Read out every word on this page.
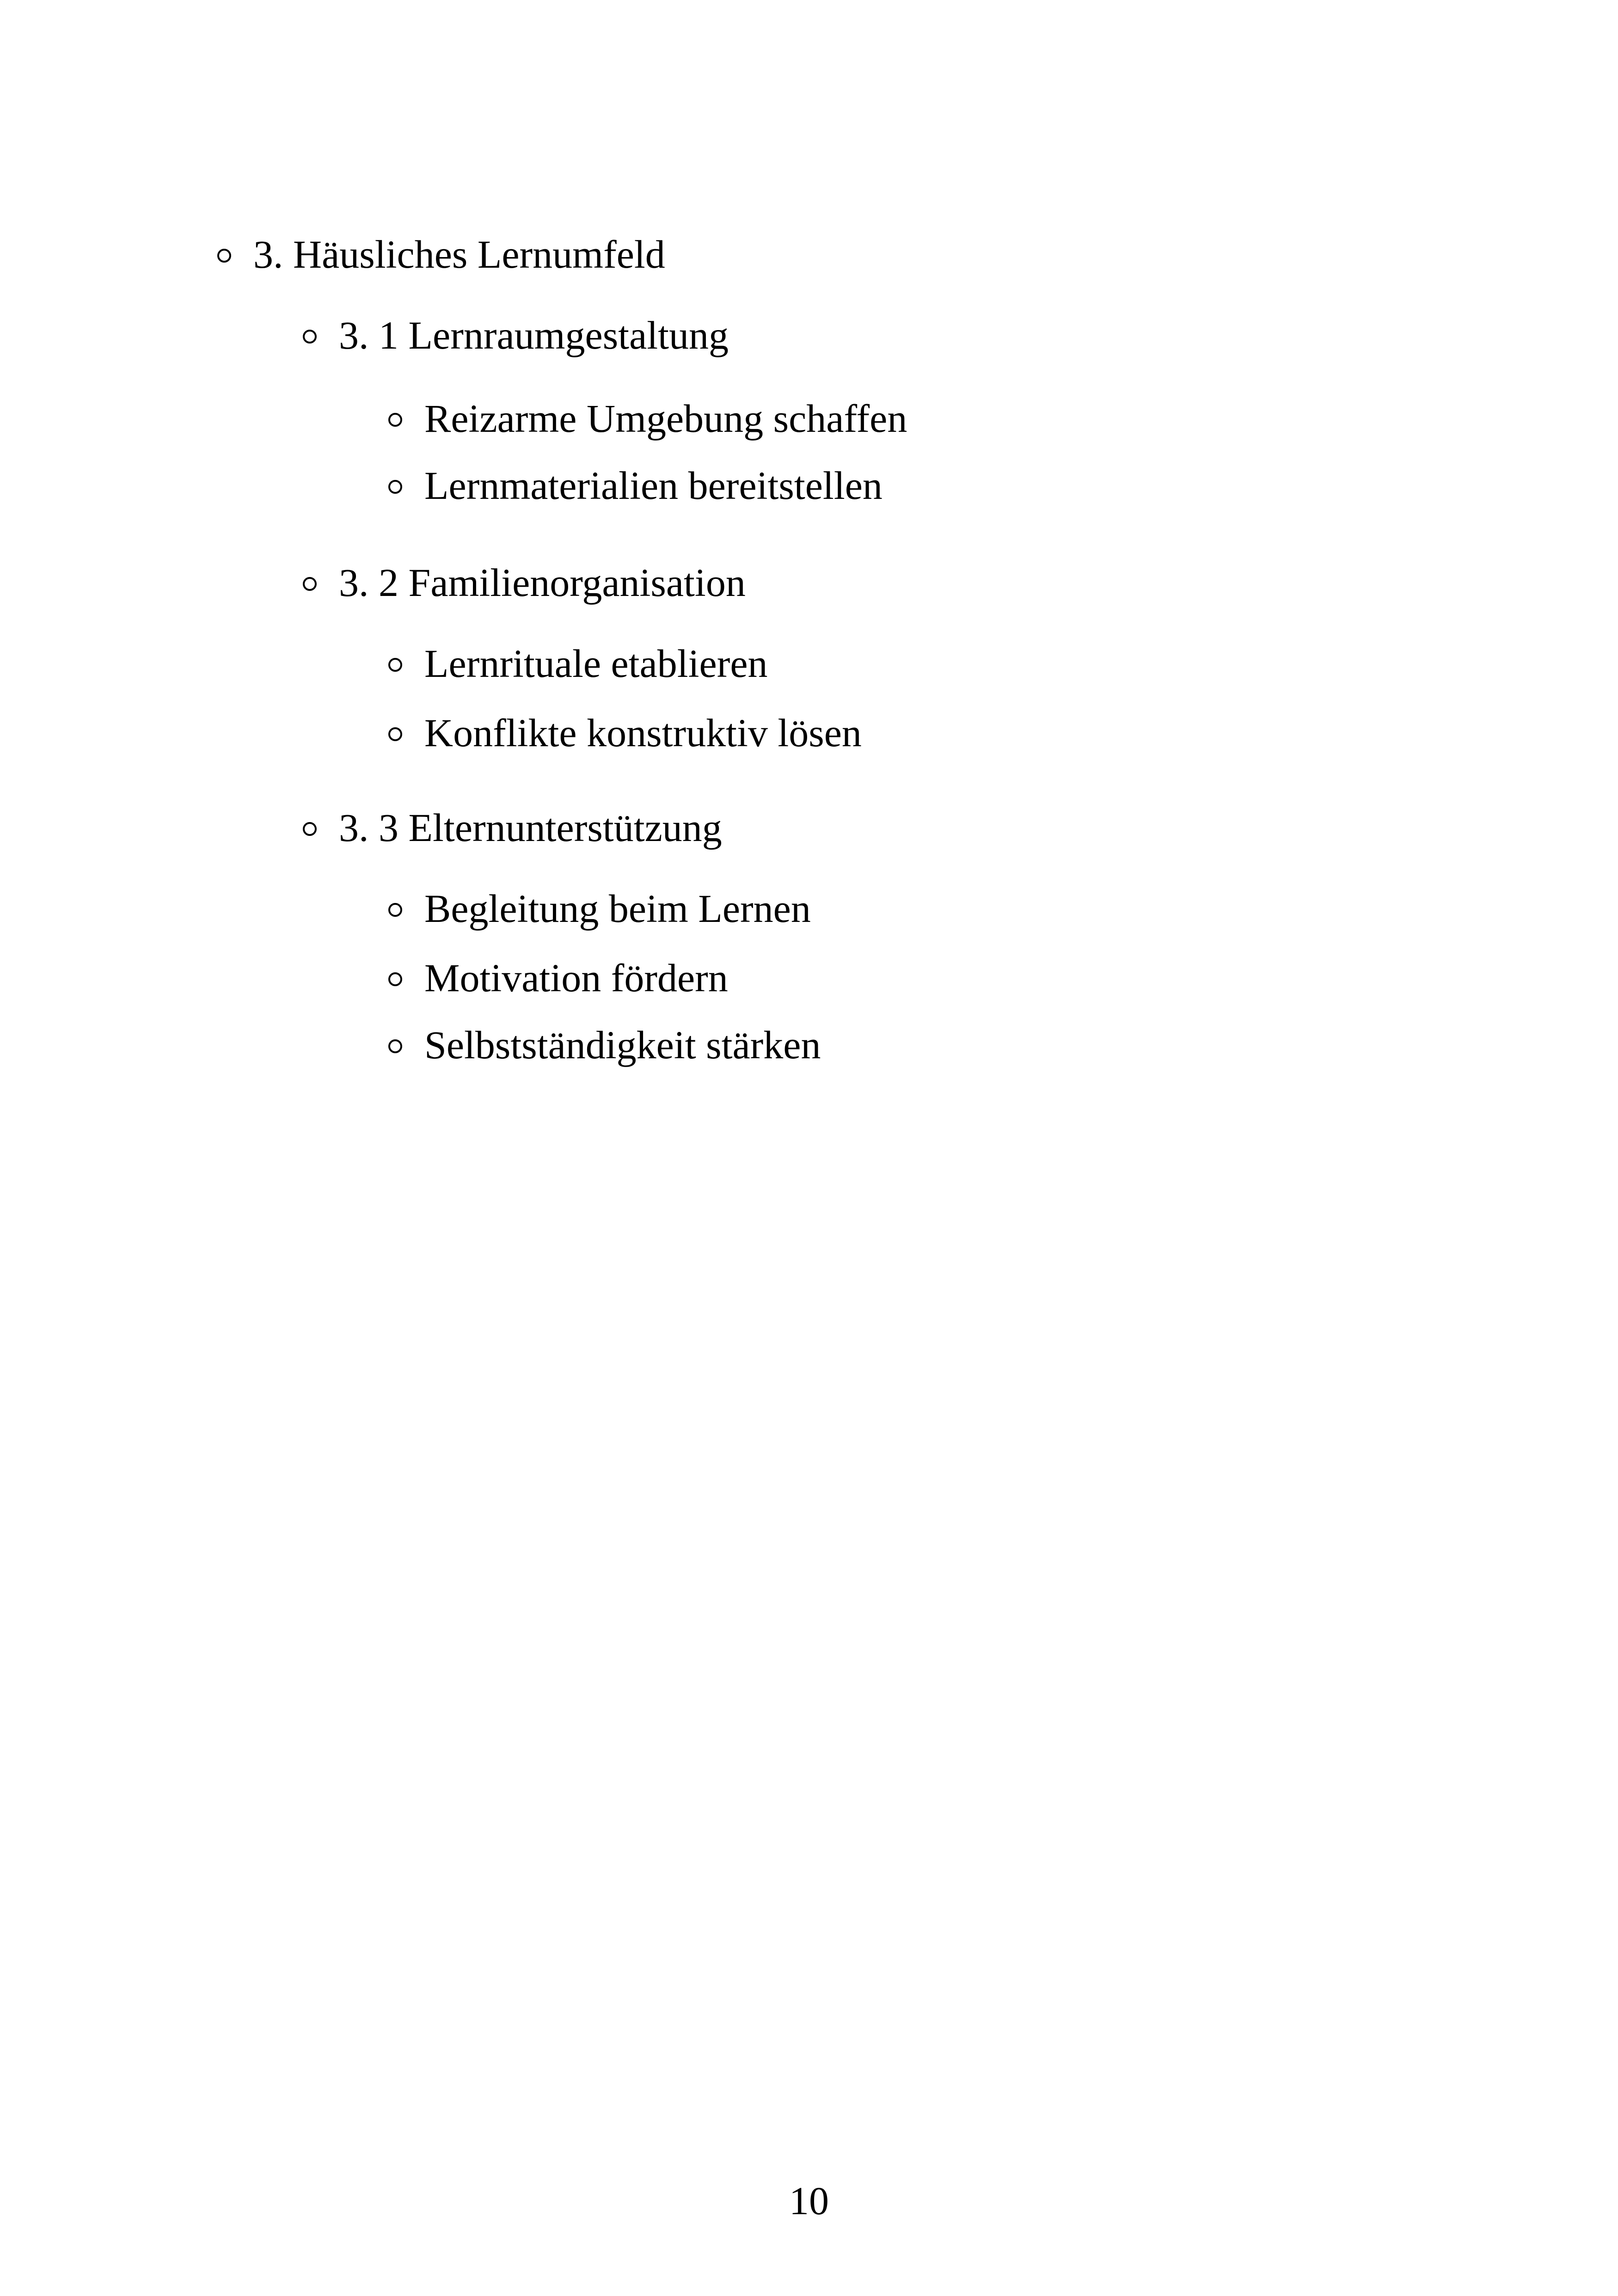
3. Häusliches Lernumfeld
3. 1 Lernraumgestaltung
Reizarme Umgebung schaffen
Lernmaterialien bereitstellen
3. 2 Familienorganisation
Lernrituale etablieren
Konflikte konstruktiv lösen
3. 3 Elternunterstützung
Begleitung beim Lernen
Motivation fördern
Selbstständigkeit stärken
10
